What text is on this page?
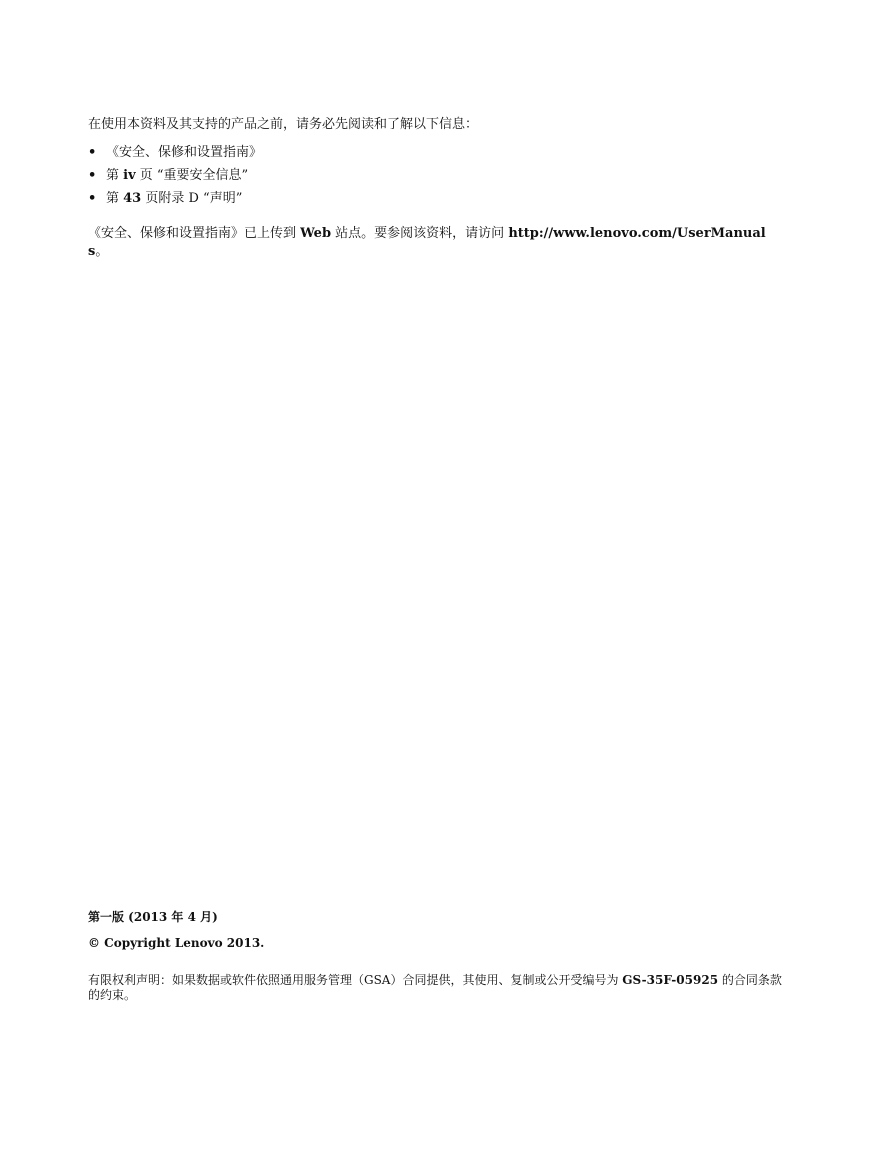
在使用本资料及其支持的产品之前，请务必先阅读和了解以下信息：
• 《安全、保修和设置指南》
• 第 iv 页 “重要安全信息”
• 第 43 页附录 D “声明”
《安全、保修和设置指南》已上传到 Web 站点。要参阅该资料，请访问 http://www.lenovo.com/UserManuals。
第一版 (2013 年 4 月)
© Copyright Lenovo 2013.
有限权利声明：如果数据或软件依照通用服务管理（GSA）合同提供，其使用、复制或公开受编号为 GS-35F-05925 的合同条款的约束。
